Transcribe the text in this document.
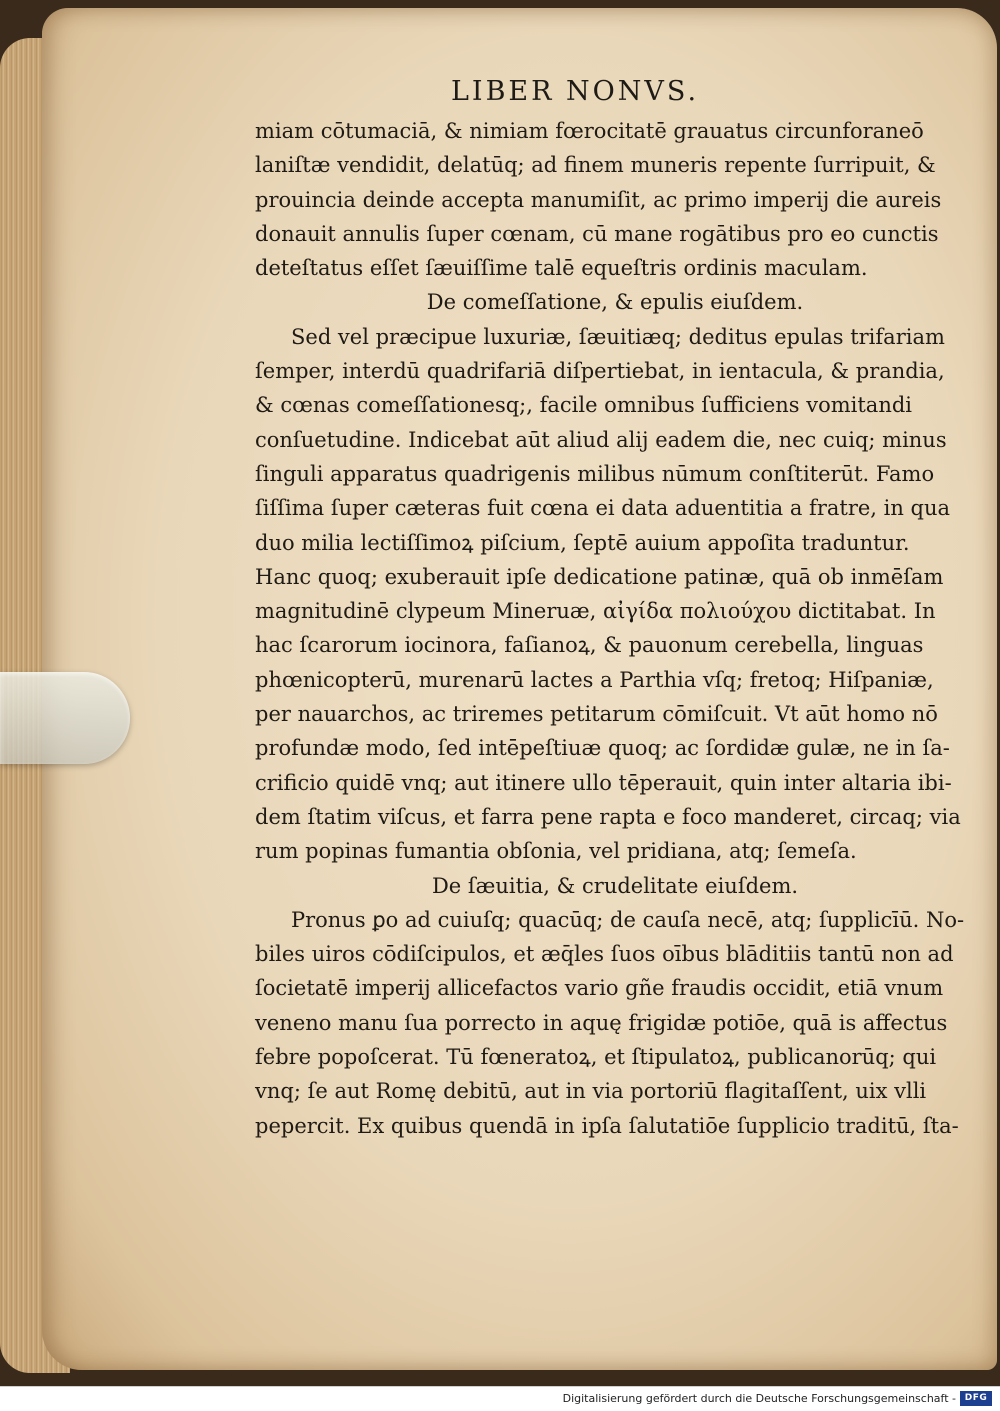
LIBER NONVS.
miam cōtumaciā, & nimiam fœrocitatē grauatus circunforaneō
laniſtæ vendidit, delatūq; ad finem muneris repente ſurripuit, &
prouincia deinde accepta manumiſit, ac primo imperij die aureis
donauit annulis ſuper cœnam, cū mane rogātibus pro eo cunctis
deteſtatus eſſet ſæuiſſime talē equeſtris ordinis maculam.
De comeſſatione, & epulis eiuſdem.
Sed vel præcipue luxuriæ, ſæuitiæq; deditus epulas trifariam
ſemper, interdū quadrifariā diſpertiebat, in ientacula, & prandia,
& cœnas comeſſationesq;, facile omnibus ſufficiens vomitandi
conſuetudine. Indicebat aūt aliud alij eadem die, nec cuiq; minus
ſinguli apparatus quadrigenis milibus nūmum conſtiterūt. Famo
ſiſſima ſuper cæteras fuit cœna ei data aduentitia a fratre, in qua
duo milia lectiſſimoꝝ piſcium, ſeptē auium appoſita traduntur.
Hanc quoq; exuberauit ipſe dedicatione patinæ, quā ob inmēſam
magnitudinē clypeum Mineruæ, αἰγίδα πολιούχου dictitabat. In
hac ſcarorum iocinora, faſianoꝝ, & pauonum cerebella, linguas
phœnicopterū, murenarū lactes a Parthia vſq; fretoq; Hiſpaniæ,
per nauarchos, ac triremes petitarum cōmiſcuit. Vt aūt homo nō
profundæ modo, ſed intēpeſtiuæ quoq; ac ſordidæ gulæ, ne in ſa-
crificio quidē vnq; aut itinere ullo tēperauit, quin inter altaria ibi-
dem ſtatim viſcus, et farra pene rapta e foco manderet, circaq; via
rum popinas fumantia obſonia, vel pridiana, atq; ſemeſa.
De ſæuitia, & crudelitate eiuſdem.
Pronus ꝑo ad cuiuſq; quacūq; de cauſa necē, atq; ſupplicīū. No-
biles uiros cōdiſcipulos, et æq̄les ſuos oībus blāditiis tantū non ad
ſocietatē imperij allicefactos vario gñe fraudis occidit, etiā vnum
veneno manu ſua porrecto in aquę frigidæ potiōe, quā is affectus
febre popoſcerat. Tū fœneratoꝝ, et ſtipulatoꝝ, publicanorūq; qui
vnq; ſe aut Romę debitū, aut in via portoriū flagitaſſent, uix vlli
pepercit. Ex quibus quendā in ipſa ſalutatiōe ſupplicio traditū, ſta-
Digitalisierung gefördert durch die Deutsche Forschungsgemeinschaft - DFG
